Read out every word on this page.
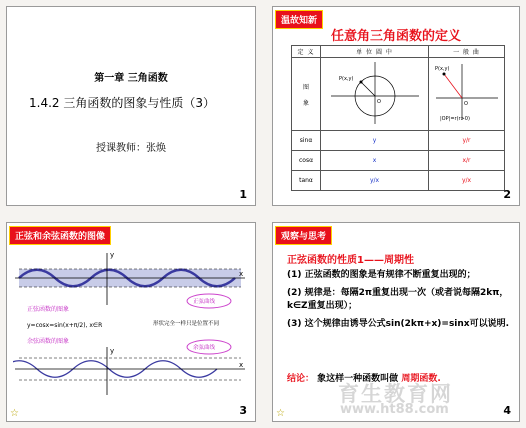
第一章 三角函数
1.4.2 三角函数的图象与性质（3）
授课教师：张焕
1
温故知新
任意角三角函数的定义
定 义	单 位 圆 中	一 般 曲
图

象	P(x,y)
O	P(x,y)
O
|OP|=r(r>0)

sinα	y	y/r
cosα	x	x/r
tanα	y/x	y/x
2
正弦和余弦函数的图像
y
x
正弦函数的图象
y=cosx=sin(x+π/2), x∈R
余弦函数的图象
形状完全一样只是位置不同
正弦曲线
余弦曲线
y
x
☆	3
观察与思考
正弦函数的性质1——周期性

(1) 正弦函数的图象是有规律不断重复出现的；

(2) 规律是：每隔2π重复出现一次（或者说每隔2kπ，k∈Z重复出现）；

(3) 这个规律由诱导公式sin(2kπ+x)=sinx可以说明.

结论： 象这样一种函数叫做 周期函数.
☆	4
育生教育网
www.ht88.com
